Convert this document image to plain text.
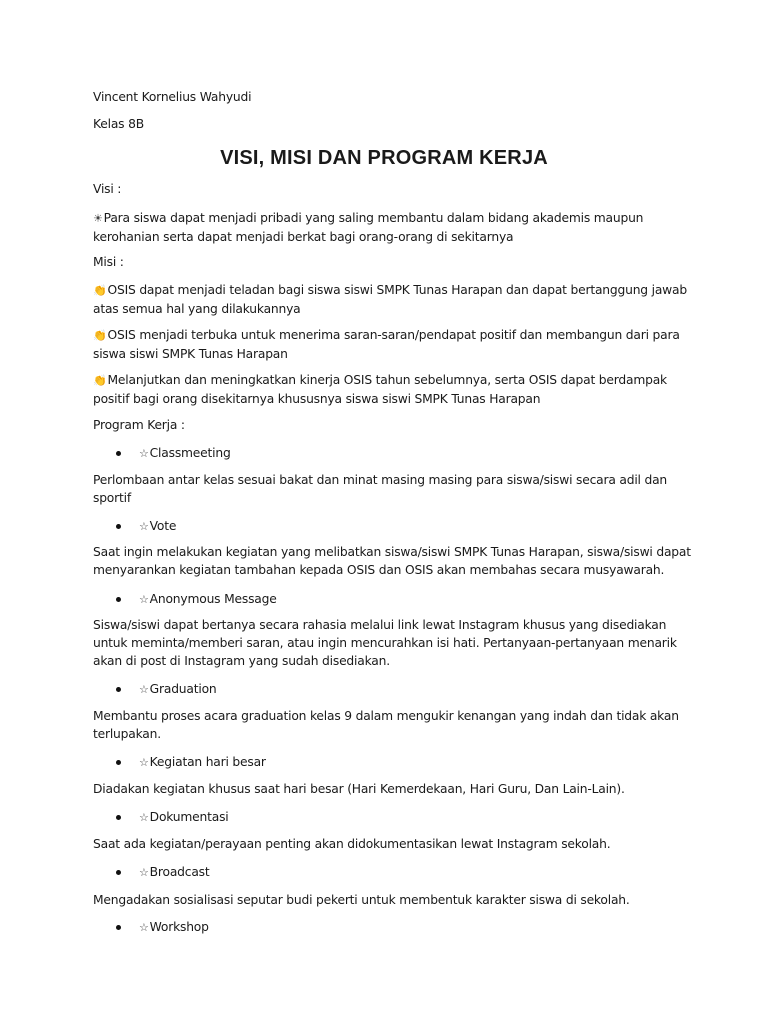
Vincent Kornelius Wahyudi
Kelas 8B
VISI, MISI DAN PROGRAM KERJA
Visi :
☀Para siswa dapat menjadi pribadi yang saling membantu dalam bidang akademis maupun kerohanian serta dapat menjadi berkat bagi orang-orang di sekitarnya
Misi :
👏OSIS dapat menjadi teladan bagi siswa siswi SMPK Tunas Harapan dan dapat bertanggung jawab atas semua hal yang dilakukannya
👏OSIS menjadi terbuka untuk menerima saran-saran/pendapat positif dan membangun dari para siswa siswi SMPK Tunas Harapan
👏Melanjutkan dan meningkatkan kinerja OSIS tahun sebelumnya, serta OSIS dapat berdampak positif bagi orang disekitarnya khususnya siswa siswi SMPK Tunas Harapan
Program Kerja :
☆Classmeeting
Perlombaan antar kelas sesuai bakat dan minat masing masing para siswa/siswi secara adil dan sportif
☆Vote
Saat ingin melakukan kegiatan yang melibatkan siswa/siswi SMPK Tunas Harapan, siswa/siswi dapat menyarankan kegiatan tambahan kepada OSIS dan OSIS akan membahas secara musyawarah.
☆Anonymous Message
Siswa/siswi dapat bertanya secara rahasia melalui link lewat Instagram khusus yang disediakan untuk meminta/memberi saran, atau ingin mencurahkan isi hati. Pertanyaan-pertanyaan menarik akan di post di Instagram yang sudah disediakan.
☆Graduation
Membantu proses acara graduation kelas 9 dalam mengukir kenangan yang indah dan tidak akan terlupakan.
☆Kegiatan hari besar
Diadakan kegiatan khusus saat hari besar (Hari Kemerdekaan, Hari Guru, Dan Lain-Lain).
☆Dokumentasi
Saat ada kegiatan/perayaan penting akan didokumentasikan lewat Instagram sekolah.
☆Broadcast
Mengadakan sosialisasi seputar budi pekerti untuk membentuk karakter siswa di sekolah.
☆Workshop
